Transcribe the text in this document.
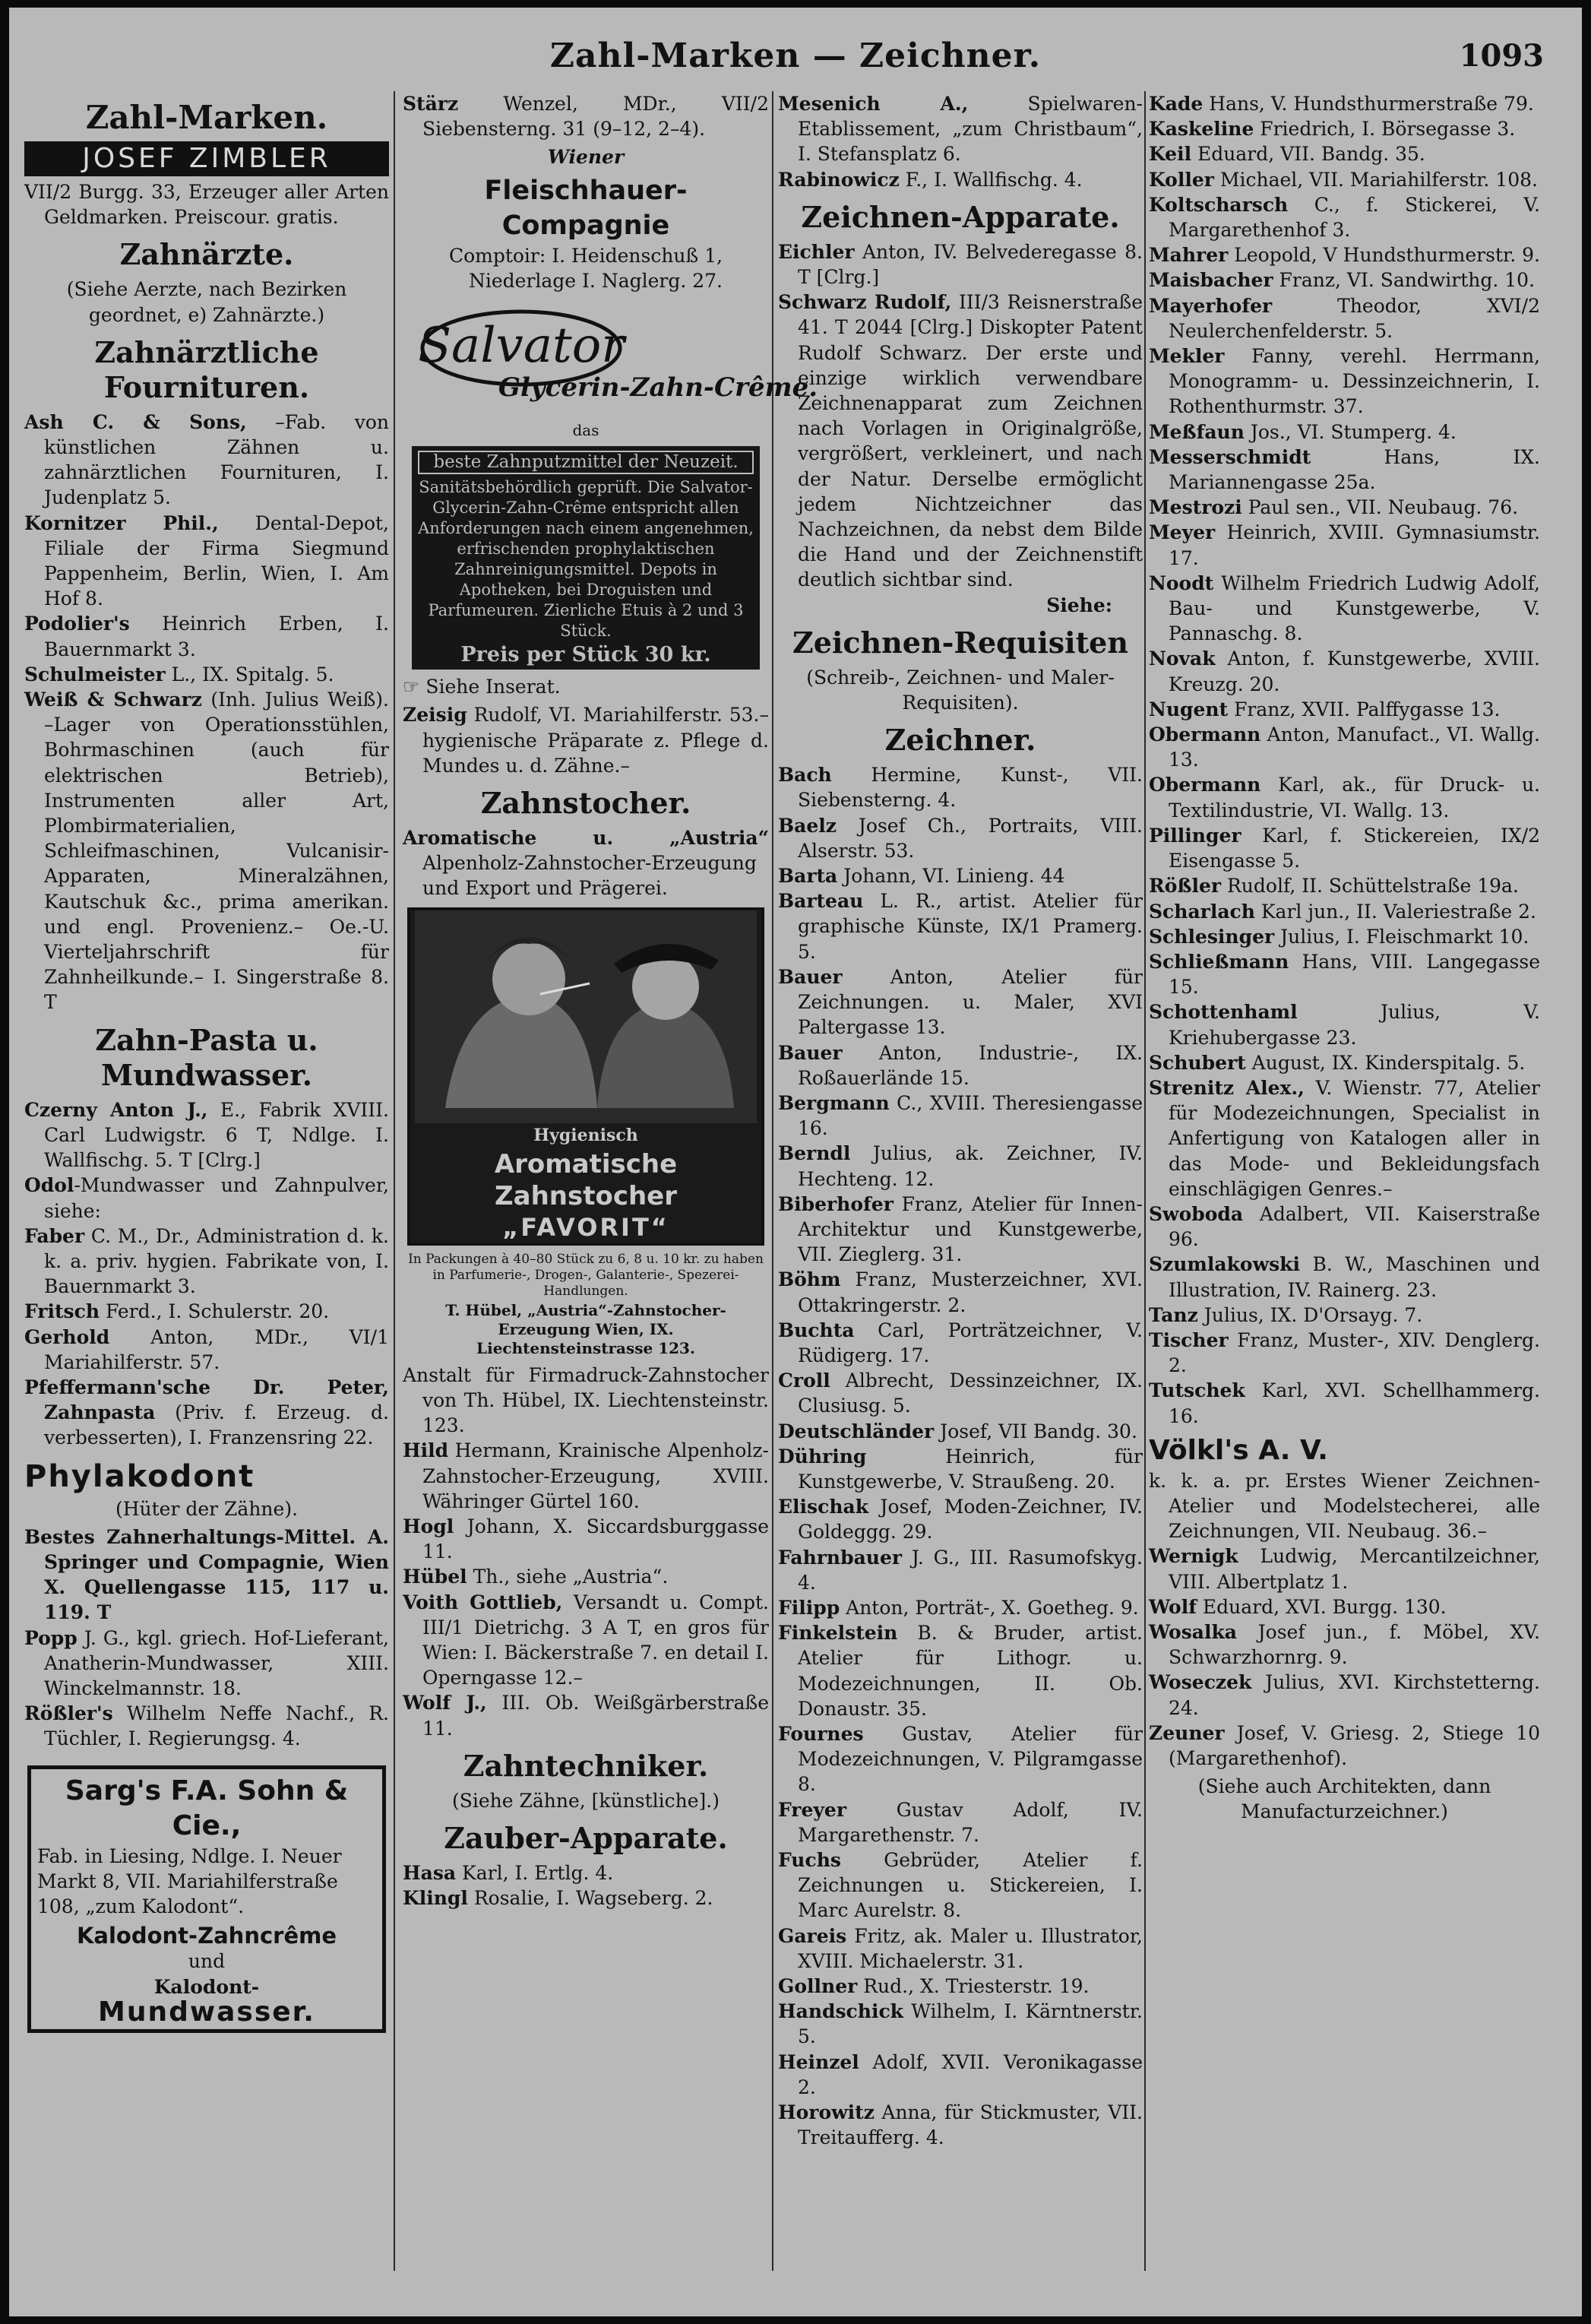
Zahl-Marken — Zeichner.	1093
Zahl-Marken.
JOSEF ZIMBLER

VII/2 Burgg. 33, Erzeuger aller Arten Geldmarken. Preiscour. gratis.

Zahnärzte.

(Siehe Aerzte, nach Bezirken geordnet, e) Zahnärzte.)

Zahnärztliche Fournituren.

Ash C. & Sons, –Fab. von künstlichen Zähnen u. zahnärztlichen Fournituren, I. Judenplatz 5.

Kornitzer Phil., Dental-Depot, Filiale der Firma Siegmund Pappenheim, Berlin, Wien, I. Am Hof 8.

Podolier's Heinrich Erben, I. Bauernmarkt 3.

Schulmeister L., IX. Spitalg. 5.

Weiß & Schwarz (Inh. Julius Weiß). –Lager von Operationsstühlen, Bohrmaschinen (auch für elektrischen Betrieb), Instrumenten aller Art, Plombirmaterialien, Schleifmaschinen, Vulcanisir-Apparaten, Mineralzähnen, Kautschuk &c., prima amerikan. und engl. Provenienz.– Oe.-U. Vierteljahrschrift für Zahnheilkunde.– I. Singerstraße 8. T

Zahn-Pasta u. Mundwasser.

Czerny Anton J., E., Fabrik XVIII. Carl Ludwigstr. 6 T, Ndlge. I. Wallfischg. 5. T [Clrg.]

Odol-Mundwasser und Zahnpulver, siehe:

Faber C. M., Dr., Administration d. k. k. a. priv. hygien. Fabrikate von, I. Bauernmarkt 3.

Fritsch Ferd., I. Schulerstr. 20.

Gerhold Anton, MDr., VI/1 Mariahilferstr. 57.

Pfeffermann'sche Dr. Peter, Zahnpasta (Priv. f. Erzeug. d. verbesserten), I. Franzensring 22.

Phylakodont

(Hüter der Zähne).

Bestes Zahnerhaltungs-Mittel. A. Springer und Compagnie, Wien X. Quellengasse 115, 117 u. 119. T

Popp J. G., kgl. griech. Hof-Lieferant, Anatherin-Mundwasser, XIII. Winckelmannstr. 18.

Rößler's Wilhelm Neffe Nachf., R. Tüchler, I. Regierungsg. 4.

Sarg's F.A. Sohn & Cie.,
Fab. in Liesing, Ndlge. I. Neuer Markt 8, VII. Mariahilferstraße 108, „zum Kalodont“.
Kalodont-Zahncrême
und
Kalodont-
Mundwasser.

Stärz Wenzel, MDr., VII/2 Siebensterng. 31 (9–12, 2–4).

Wiener
Fleischhauer-Compagnie

Comptoir: I. Heidenschuß 1, Niederlage I. Naglerg. 27.

Salvator
Glycerin-Zahn-Crême.
das
beste Zahnputzmittel der Neuzeit.
Sanitätsbehördlich geprüft. Die Salvator-Glycerin-Zahn-Crême entspricht allen Anforderungen nach einem angenehmen, erfrischenden prophylaktischen Zahnreinigungsmittel. Depots in Apotheken, bei Droguisten und Parfumeuren. Zierliche Etuis à 2 und 3 Stück.
Preis per Stück 30 kr.

☞ Siehe Inserat.

Zeisig Rudolf, VI. Mariahilferstr. 53.–hygienische Präparate z. Pflege d. Mundes u. d. Zähne.–

Zahnstocher.

Aromatische u. „Austria“ Alpenholz-Zahnstocher-Erzeugung und Export und Prägerei.

Hygienisch
Aromatische Zahnstocher
„FAVORIT“
In Packungen à 40–80 Stück zu 6, 8 u. 10 kr. zu haben in Parfumerie-, Drogen-, Galanterie-, Spezerei-Handlungen.
T. Hübel, „Austria“-Zahnstocher-Erzeugung Wien, IX. Liechtensteinstrasse 123.

Anstalt für Firmadruck-Zahnstocher von Th. Hübel, IX. Liechtensteinstr. 123.

Hild Hermann, Krainische Alpenholz-Zahnstocher-Erzeugung, XVIII. Währinger Gürtel 160.

Hogl Johann, X. Siccardsburggasse 11.

Hübel Th., siehe „Austria“.

Voith Gottlieb, Versandt u. Compt. III/1 Dietrichg. 3 A T, en gros für Wien: I. Bäckerstraße 7. en detail I. Operngasse 12.–

Wolf J., III. Ob. Weißgärberstraße 11.

Zahntechniker.

(Siehe Zähne, [künstliche].)

Zauber-Apparate.

Hasa Karl, I. Ertlg. 4.

Klingl Rosalie, I. Wagseberg. 2.

Mesenich A., Spielwaren-Etablissement, „zum Christbaum“, I. Stefansplatz 6.

Rabinowicz F., I. Wallfischg. 4.

Zeichnen-Apparate.

Eichler Anton, IV. Belvederegasse 8. T [Clrg.]

Schwarz Rudolf, III/3 Reisnerstraße 41. T 2044 [Clrg.] Diskopter Patent Rudolf Schwarz. Der erste und einzige wirklich verwendbare Zeichnenapparat zum Zeichnen nach Vorlagen in Originalgröße, vergrößert, verkleinert, und nach der Natur. Derselbe ermöglicht jedem Nichtzeichner das Nachzeichnen, da nebst dem Bilde die Hand und der Zeichnenstift deutlich sichtbar sind.

Siehe:

Zeichnen-Requisiten

(Schreib-, Zeichnen- und Maler-Requisiten).

Zeichner.

Bach Hermine, Kunst-, VII. Siebensterng. 4.

Baelz Josef Ch., Portraits, VIII. Alserstr. 53.

Barta Johann, VI. Linieng. 44

Barteau L. R., artist. Atelier für graphische Künste, IX/1 Pramerg. 5.

Bauer Anton, Atelier für Zeichnungen. u. Maler, XVI Paltergasse 13.

Bauer Anton, Industrie-, IX. Roßauerlände 15.

Bergmann C., XVIII. Theresiengasse 16.

Berndl Julius, ak. Zeichner, IV. Hechteng. 12.

Biberhofer Franz, Atelier für Innen-Architektur und Kunstgewerbe, VII. Zieglerg. 31.

Böhm Franz, Musterzeichner, XVI. Ottakringerstr. 2.

Buchta Carl, Porträtzeichner, V. Rüdigerg. 17.

Croll Albrecht, Dessinzeichner, IX. Clusiusg. 5.

Deutschländer Josef, VII Bandg. 30.

Dühring Heinrich, für Kunstgewerbe, V. Straußeng. 20.

Elischak Josef, Moden-Zeichner, IV. Goldeggg. 29.

Fahrnbauer J. G., III. Rasumofskyg. 4.

Filipp Anton, Porträt-, X. Goetheg. 9.

Finkelstein B. & Bruder, artist. Atelier für Lithogr. u. Modezeichnungen, II. Ob. Donaustr. 35.

Fournes Gustav, Atelier für Modezeichnungen, V. Pilgramgasse 8.

Freyer Gustav Adolf, IV. Margarethenstr. 7.

Fuchs Gebrüder, Atelier f. Zeichnungen u. Stickereien, I. Marc Aurelstr. 8.

Gareis Fritz, ak. Maler u. Illustrator, XVIII. Michaelerstr. 31.

Gollner Rud., X. Triesterstr. 19.

Handschick Wilhelm, I. Kärntnerstr. 5.

Heinzel Adolf, XVII. Veronikagasse 2.

Horowitz Anna, für Stickmuster, VII. Treitaufferg. 4.

Kade Hans, V. Hundsthurmerstraße 79.

Kaskeline Friedrich, I. Börsegasse 3.

Keil Eduard, VII. Bandg. 35.

Koller Michael, VII. Mariahilferstr. 108.

Koltscharsch C., f. Stickerei, V. Margarethenhof 3.

Mahrer Leopold, V Hundsthurmerstr. 9.

Maisbacher Franz, VI. Sandwirthg. 10.

Mayerhofer Theodor, XVI/2 Neulerchenfelderstr. 5.

Mekler Fanny, verehl. Herrmann, Monogramm- u. Dessinzeichnerin, I. Rothenthurmstr. 37.

Meßfaun Jos., VI. Stumperg. 4.

Messerschmidt Hans, IX. Mariannengasse 25a.

Mestrozi Paul sen., VII. Neubaug. 76.

Meyer Heinrich, XVIII. Gymnasiumstr. 17.

Noodt Wilhelm Friedrich Ludwig Adolf, Bau- und Kunstgewerbe, V. Pannaschg. 8.

Novak Anton, f. Kunstgewerbe, XVIII. Kreuzg. 20.

Nugent Franz, XVII. Palffygasse 13.

Obermann Anton, Manufact., VI. Wallg. 13.

Obermann Karl, ak., für Druck- u. Textilindustrie, VI. Wallg. 13.

Pillinger Karl, f. Stickereien, IX/2 Eisengasse 5.

Rößler Rudolf, II. Schüttelstraße 19a.

Scharlach Karl jun., II. Valeriestraße 2.

Schlesinger Julius, I. Fleischmarkt 10.

Schließmann Hans, VIII. Langegasse 15.

Schottenhaml Julius, V. Kriehubergasse 23.

Schubert August, IX. Kinderspitalg. 5.

Strenitz Alex., V. Wienstr. 77, Atelier für Modezeichnungen, Specialist in Anfertigung von Katalogen aller in das Mode- und Bekleidungsfach einschlägigen Genres.–

Swoboda Adalbert, VII. Kaiserstraße 96.

Szumlakowski B. W., Maschinen und Illustration, IV. Rainerg. 23.

Tanz Julius, IX. D'Orsayg. 7.

Tischer Franz, Muster-, XIV. Denglerg. 2.

Tutschek Karl, XVI. Schellhammerg. 16.

Völkl's A. V.

k. k. a. pr. Erstes Wiener Zeichnen-Atelier und Modelstecherei, alle Zeichnungen, VII. Neubaug. 36.–

Wernigk Ludwig, Mercantilzeichner, VIII. Albertplatz 1.

Wolf Eduard, XVI. Burgg. 130.

Wosalka Josef jun., f. Möbel, XV. Schwarzhornrg. 9.

Woseczek Julius, XVI. Kirchstetterng. 24.

Zeuner Josef, V. Griesg. 2, Stiege 10 (Margarethenhof).

(Siehe auch Architekten, dann Manufacturzeichner.)
